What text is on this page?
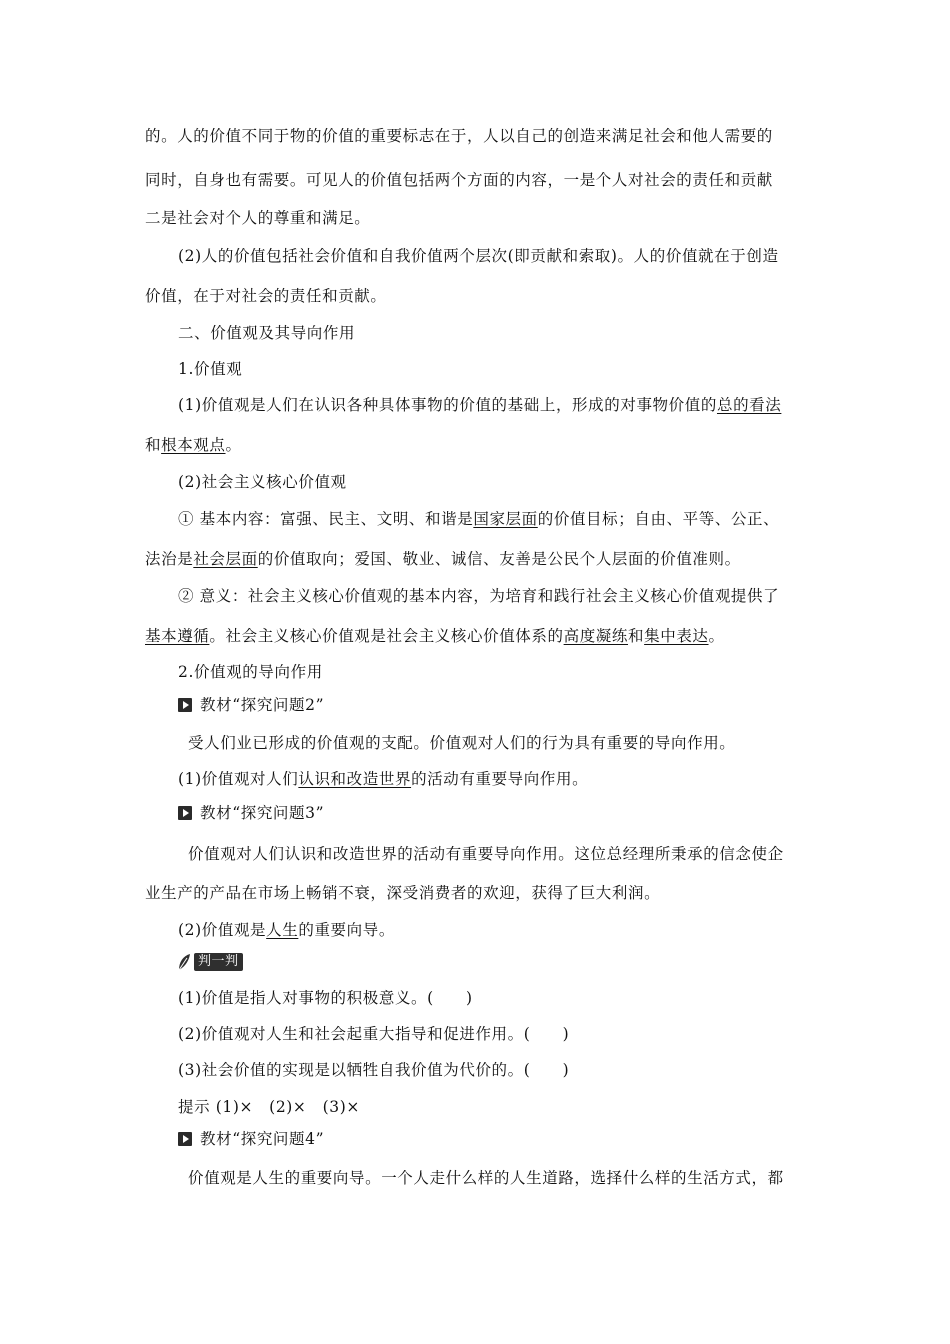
的。人的价值不同于物的价值的重要标志在于，人以自己的创造来满足社会和他人需要的
同时，自身也有需要。可见人的价值包括两个方面的内容，一是个人对社会的责任和贡献
二是社会对个人的尊重和满足。
(2)人的价值包括社会价值和自我价值两个层次(即贡献和索取)。人的价值就在于创造
价值，在于对社会的责任和贡献。
二、价值观及其导向作用
1.价值观
(1)价值观是人们在认识各种具体事物的价值的基础上，形成的对事物价值的总的看法
和根本观点。
(2)社会主义核心价值观
① 基本内容：富强、民主、文明、和谐是国家层面的价值目标；自由、平等、公正、
法治是社会层面的价值取向；爱国、敬业、诚信、友善是公民个人层面的价值准则。
② 意义：社会主义核心价值观的基本内容，为培育和践行社会主义核心价值观提供了
基本遵循。社会主义核心价值观是社会主义核心价值体系的高度凝练和集中表达。
2.价值观的导向作用
教材“探究问题2”
受人们业已形成的价值观的支配。价值观对人们的行为具有重要的导向作用。
(1)价值观对人们认识和改造世界的活动有重要导向作用。
教材“探究问题3”
价值观对人们认识和改造世界的活动有重要导向作用。这位总经理所秉承的信念使企
业生产的产品在市场上畅销不衰，深受消费者的欢迎，获得了巨大利润。
(2)价值观是人生的重要向导。
判一判
(1)价值是指人对事物的积极意义。(　　)
(2)价值观对人生和社会起重大指导和促进作用。(　　)
(3)社会价值的实现是以牺牲自我价值为代价的。(　　)
提示 (1)×　(2)×　(3)×
教材“探究问题4”
价值观是人生的重要向导。一个人走什么样的人生道路，选择什么样的生活方式，都
